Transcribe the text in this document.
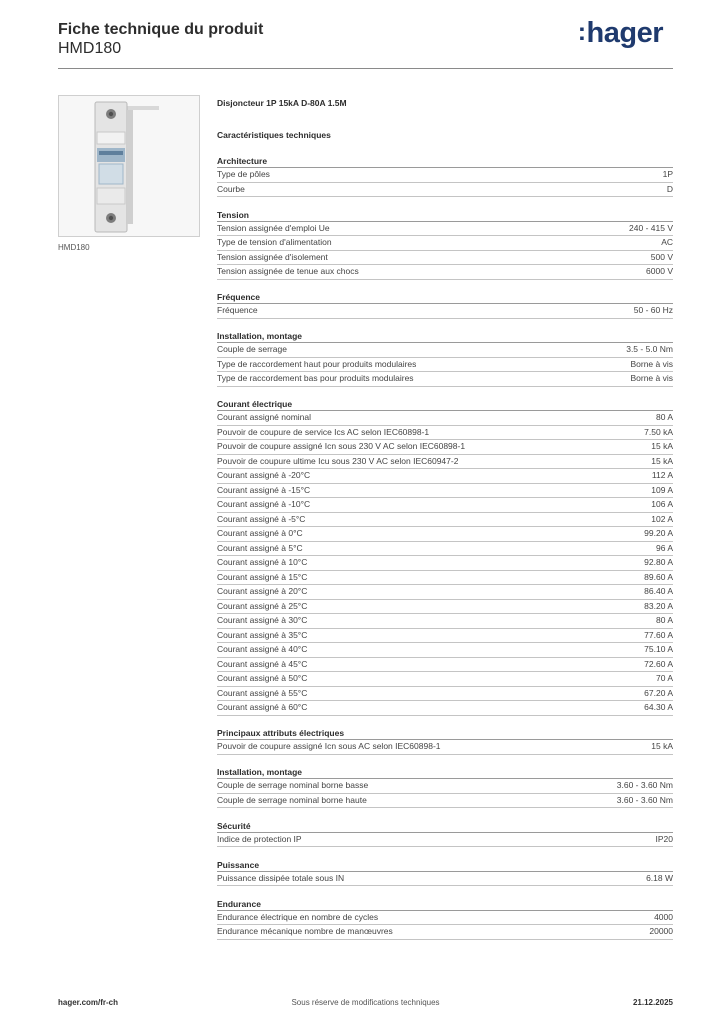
Fiche technique du produit
HMD180
:hager
HMD180
Disjoncteur 1P 15kA D-80A 1.5M
Caractéristiques techniques
Architecture
Type de pôles	1P
Courbe	D
Tension
Tension assignée d'emploi Ue	240 - 415 V
Type de tension d'alimentation	AC
Tension assignée d'isolement	500 V
Tension assignée de tenue aux chocs	6000 V
Fréquence
Fréquence	50 - 60 Hz
Installation, montage
Couple de serrage	3.5 - 5.0 Nm
Type de raccordement haut pour produits modulaires	Borne à vis
Type de raccordement bas pour produits modulaires	Borne à vis
Courant électrique
Courant assigné nominal	80 A
Pouvoir de coupure de service Ics AC selon IEC60898-1	7.50 kA
Pouvoir de coupure assigné Icn sous 230 V AC selon IEC60898-1	15 kA
Pouvoir de coupure ultime Icu sous 230 V AC selon IEC60947-2	15 kA
Courant assigné à -20°C	112 A
Courant assigné à -15°C	109 A
Courant assigné à -10°C	106 A
Courant assigné à -5°C	102 A
Courant assigné à 0°C	99.20 A
Courant assigné à 5°C	96 A
Courant assigné à 10°C	92.80 A
Courant assigné à 15°C	89.60 A
Courant assigné à 20°C	86.40 A
Courant assigné à 25°C	83.20 A
Courant assigné à 30°C	80 A
Courant assigné à 35°C	77.60 A
Courant assigné à 40°C	75.10 A
Courant assigné à 45°C	72.60 A
Courant assigné à 50°C	70 A
Courant assigné à 55°C	67.20 A
Courant assigné à 60°C	64.30 A
Principaux attributs électriques
Pouvoir de coupure assigné Icn sous AC selon IEC60898-1	15 kA
Installation, montage
Couple de serrage nominal borne basse	3.60 - 3.60 Nm
Couple de serrage nominal borne haute	3.60 - 3.60 Nm
Sécurité
Indice de protection IP	IP20
Puissance
Puissance dissipée totale sous IN	6.18 W
Endurance
Endurance électrique en nombre de cycles	4000
Endurance mécanique nombre de manœuvres	20000
hager.com/fr-ch	Sous réserve de modifications techniques	21.12.2025
